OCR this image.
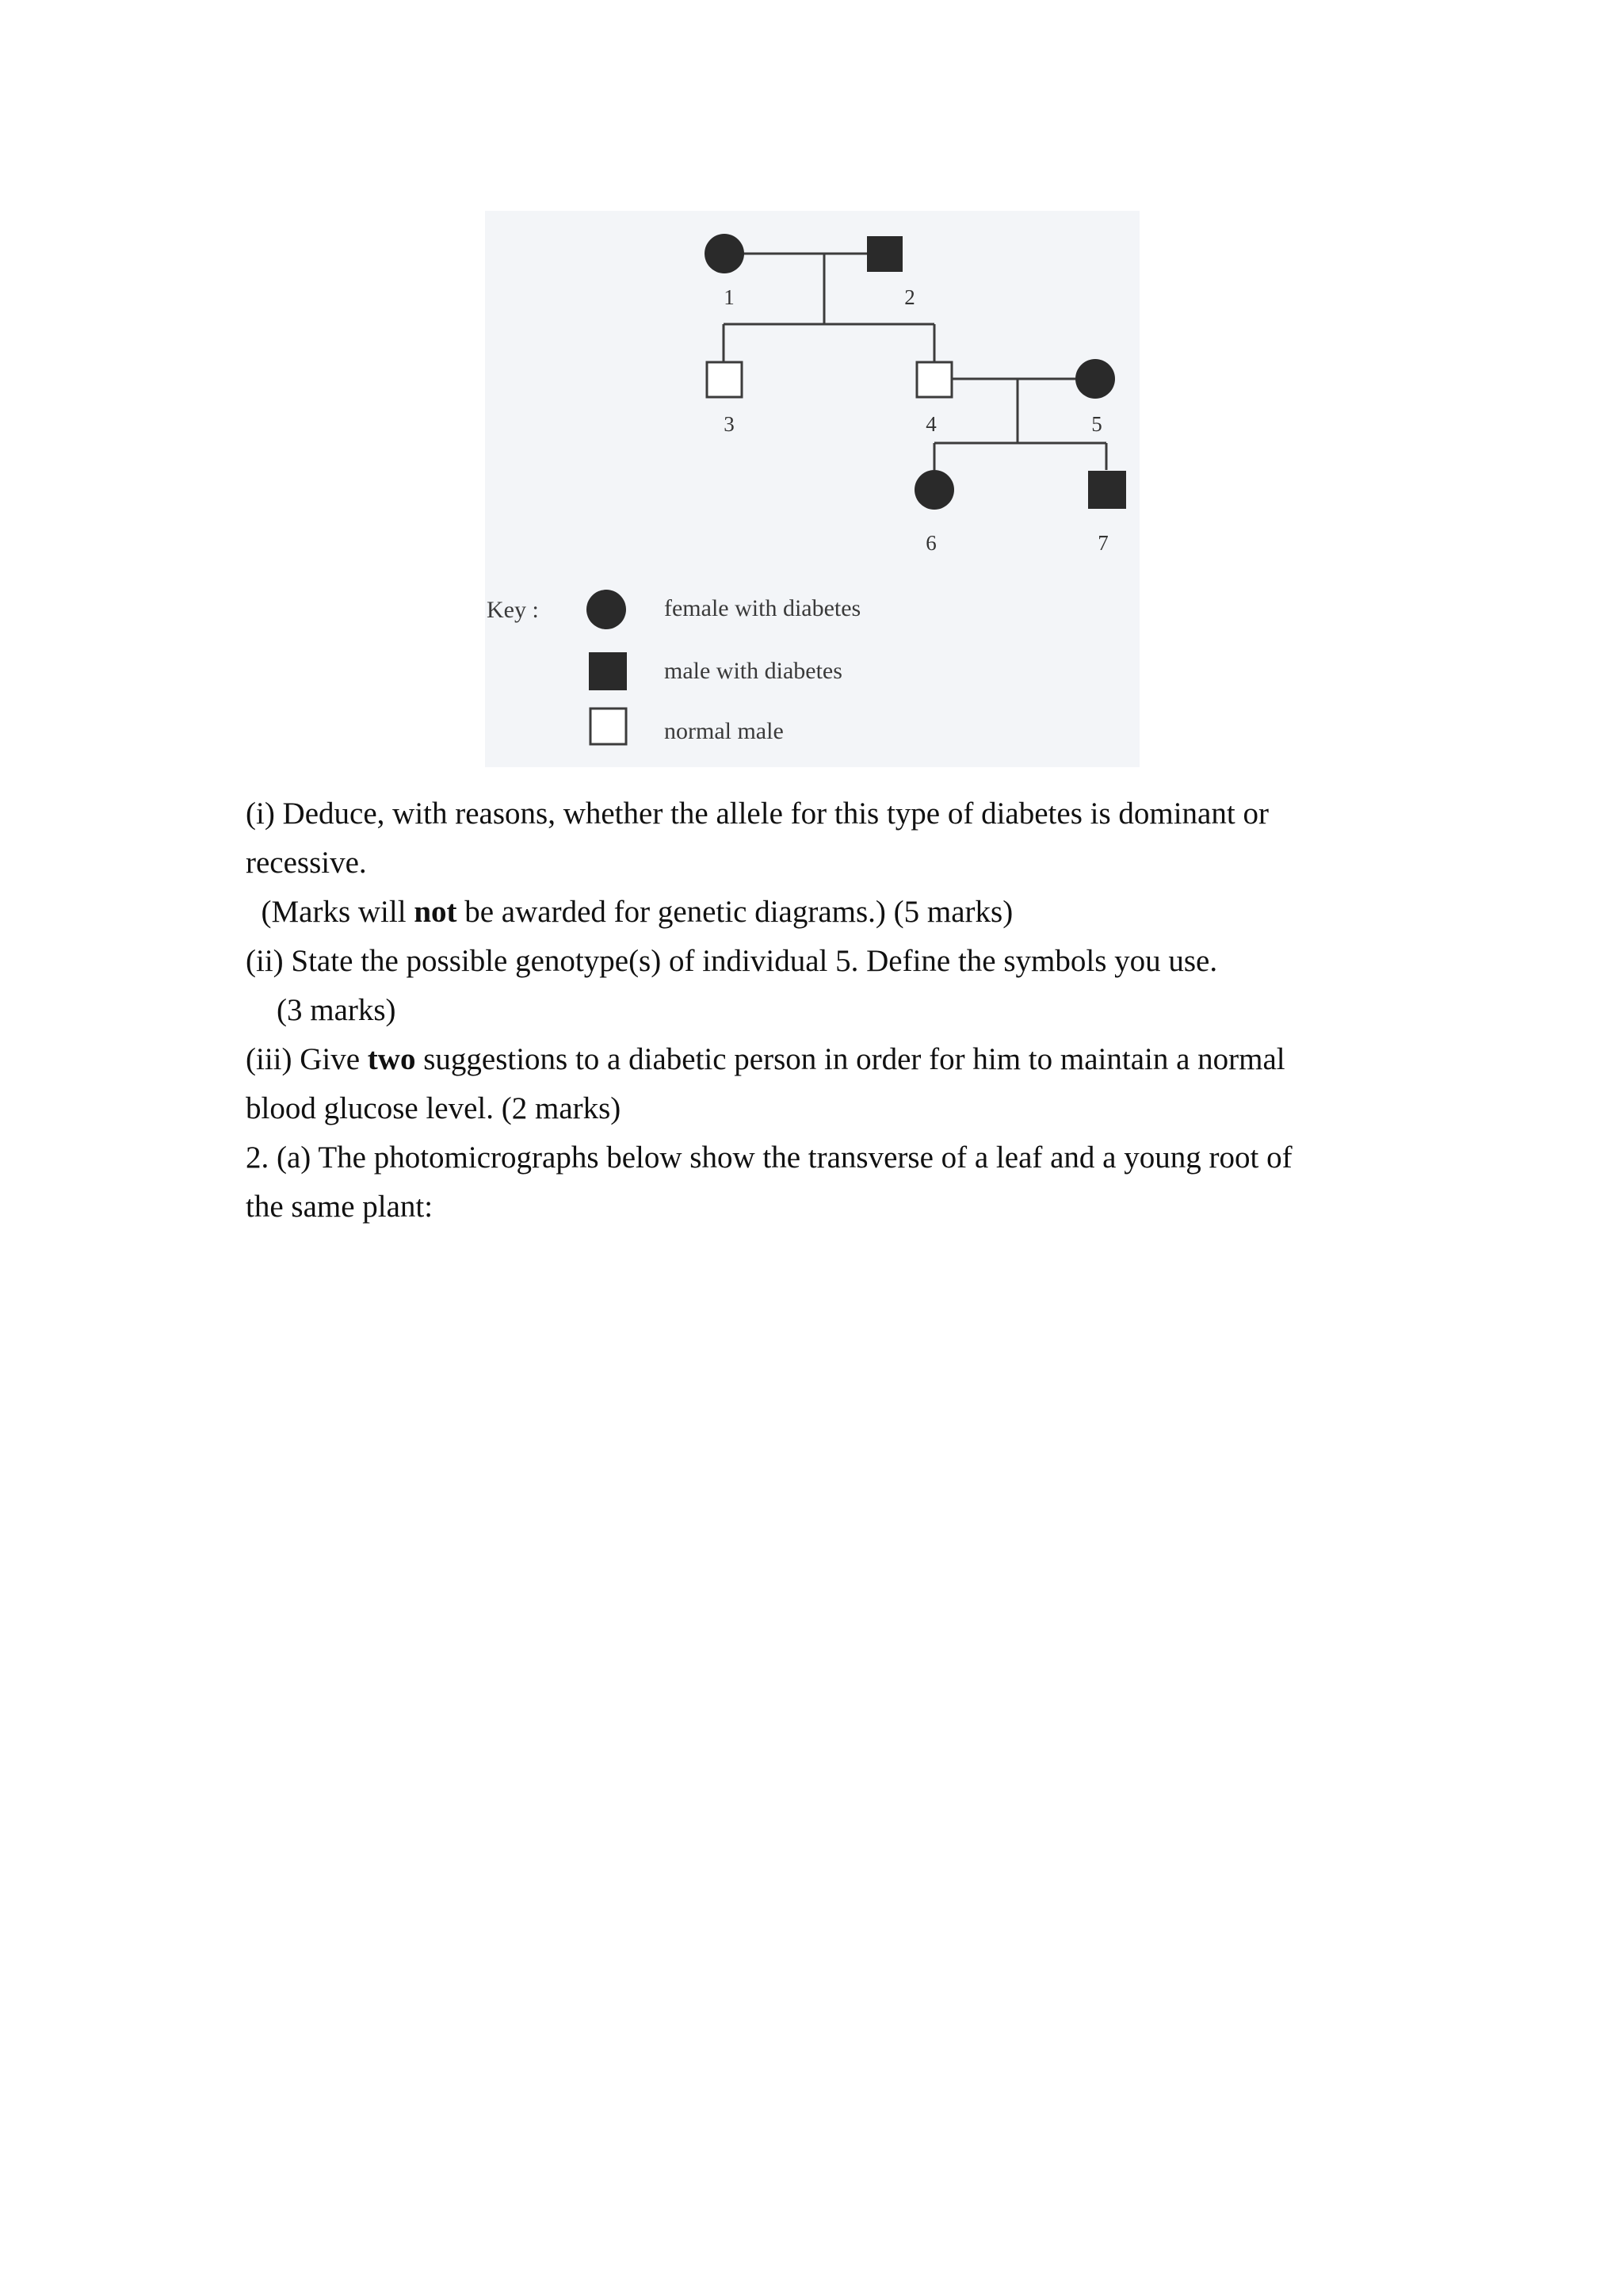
1	2
3	4	5
6	7
Key :	female with diabetes
male with diabetes
normal male
(i) Deduce, with reasons, whether the allele for this type of diabetes is dominant or
recessive.
(Marks will not be awarded for genetic diagrams.) (5 marks)
(ii) State the possible genotype(s) of individual 5. Define the symbols you use.
(3 marks)
(iii) Give two suggestions to a diabetic person in order for him to maintain a normal
blood glucose level. (2 marks)
2. (a) The photomicrographs below show the transverse of a leaf and a young root of
the same plant:
